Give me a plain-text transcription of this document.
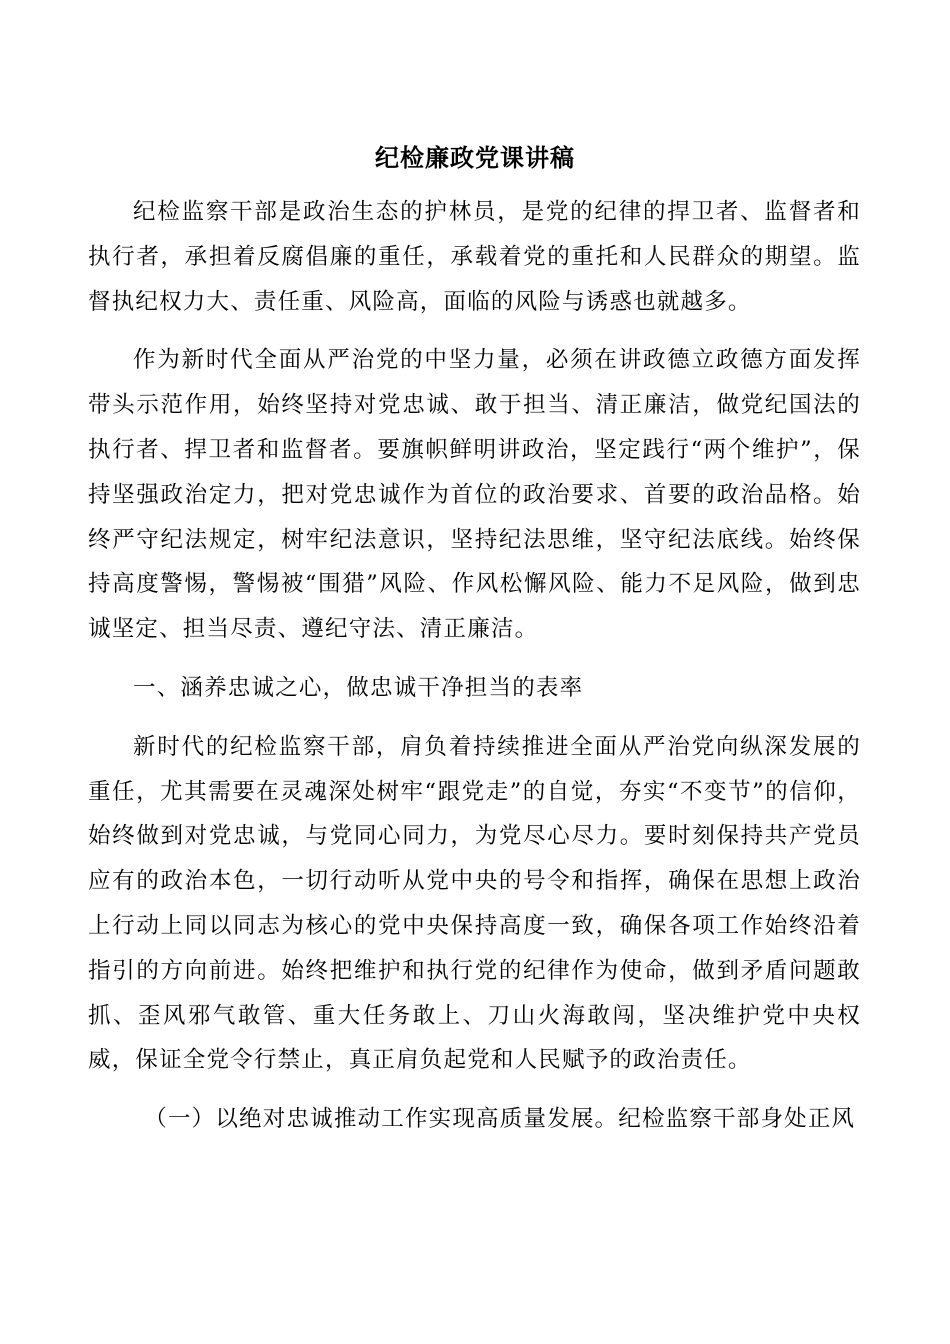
纪检廉政党课讲稿

纪检监察干部是政治生态的护林员，是党的纪律的捍卫者、监督者和执行者，承担着反腐倡廉的重任，承载着党的重托和人民群众的期望。监督执纪权力大、责任重、风险高，面临的风险与诱惑也就越多。

作为新时代全面从严治党的中坚力量，必须在讲政德立政德方面发挥带头示范作用，始终坚持对党忠诚、敢于担当、清正廉洁，做党纪国法的执行者、捍卫者和监督者。要旗帜鲜明讲政治，坚定践行“两个维护”，保持坚强政治定力，把对党忠诚作为首位的政治要求、首要的政治品格。始终严守纪法规定，树牢纪法意识，坚持纪法思维，坚守纪法底线。始终保持高度警惕，警惕被“围猎”风险、作风松懈风险、能力不足风险，做到忠诚坚定、担当尽责、遵纪守法、清正廉洁。

一、涵养忠诚之心，做忠诚干净担当的表率

新时代的纪检监察干部，肩负着持续推进全面从严治党向纵深发展的重任，尤其需要在灵魂深处树牢“跟党走”的自觉，夯实“不变节”的信仰，始终做到对党忠诚，与党同心同力，为党尽心尽力。要时刻保持共产党员应有的政治本色，一切行动听从党中央的号令和指挥，确保在思想上政治上行动上同以同志为核心的党中央保持高度一致，确保各项工作始终沿着指引的方向前进。始终把维护和执行党的纪律作为使命，做到矛盾问题敢抓、歪风邪气敢管、重大任务敢上、刀山火海敢闯，坚决维护党中央权威，保证全党令行禁止，真正肩负起党和人民赋予的政治责任。

（一）以绝对忠诚推动工作实现高质量发展。纪检监察干部身处正风
